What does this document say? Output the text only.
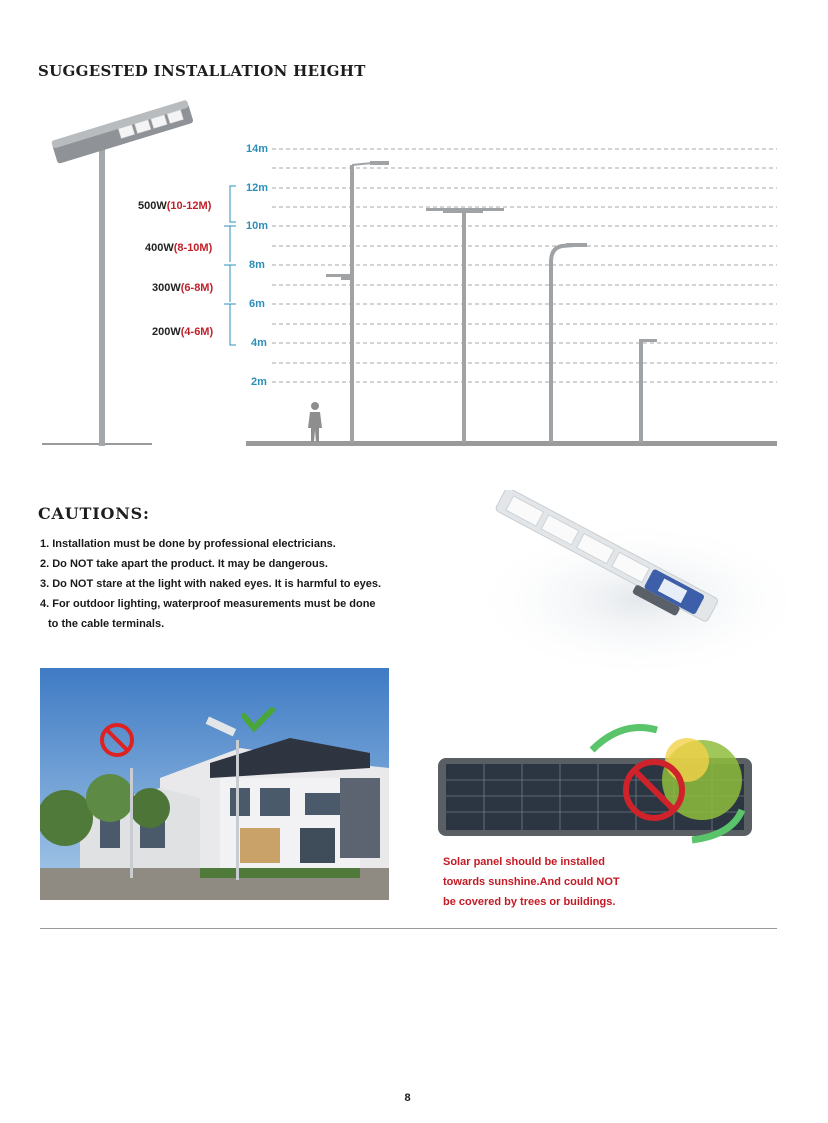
SUGGESTED INSTALLATION HEIGHT
500W(10-12M)
400W(8-10M)
300W(6-8M)
200W(4-6M)
14m
12m
10m
8m
6m
4m
2m
CAUTIONS:
1. Installation must be done by professional electricians.
2. Do NOT take apart the product. It may be dangerous.
3. Do NOT stare at the light with naked eyes. It is harmful to eyes.
4. For outdoor lighting, waterproof measurements must be done
to the cable terminals.
Solar panel should be installed
towards sunshine.And could NOT
be covered by trees or buildings.
8
